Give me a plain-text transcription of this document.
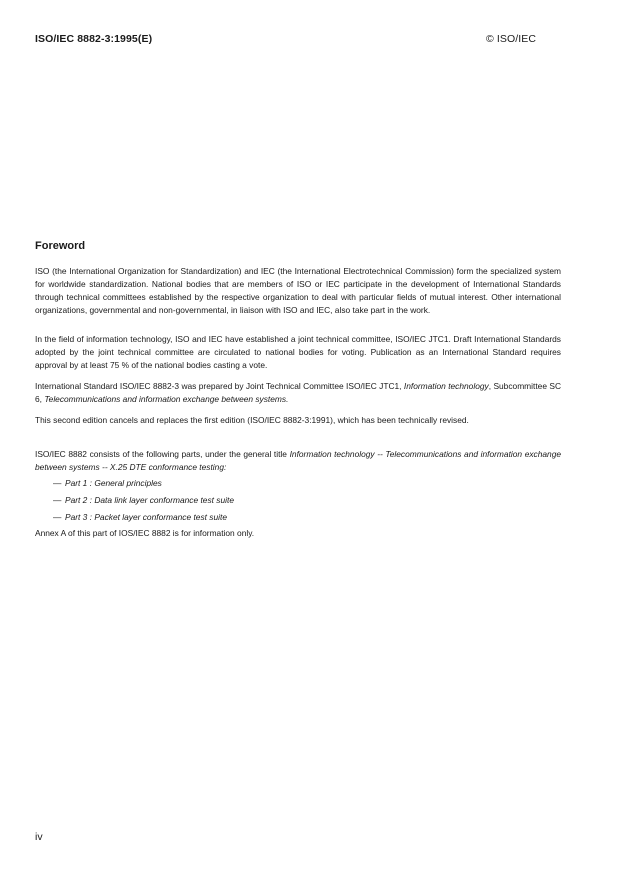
ISO/IEC 8882-3:1995(E)	© ISO/IEC
Foreword
ISO (the International Organization for Standardization) and IEC (the International Electrotechnical Commission) form the specialized system for worldwide standardization. National bodies that are members of ISO or IEC participate in the development of International Standards through technical committees established by the respective organization to deal with particular fields of mutual interest. Other international organizations, governmental and non-governmental, in liaison with ISO and IEC, also take part in the work.
In the field of information technology, ISO and IEC have established a joint technical committee, ISO/IEC JTC1. Draft International Standards adopted by the joint technical committee are circulated to national bodies for voting. Publication as an International Standard requires approval by at least 75 % of the national bodies casting a vote.
International Standard ISO/IEC 8882-3 was prepared by Joint Technical Committee ISO/IEC JTC1, Information technology, Subcommittee SC 6, Telecommunications and information exchange between systems.
This second edition cancels and replaces the first edition (ISO/IEC 8882-3:1991), which has been technically revised.
ISO/IEC 8882 consists of the following parts, under the general title Information technology -- Telecommunications and information exchange between systems -- X.25 DTE conformance testing:
— Part 1 : General principles
— Part 2 : Data link layer conformance test suite
— Part 3 : Packet layer conformance test suite
Annex A of this part of IOS/IEC 8882 is for information only.
iv
